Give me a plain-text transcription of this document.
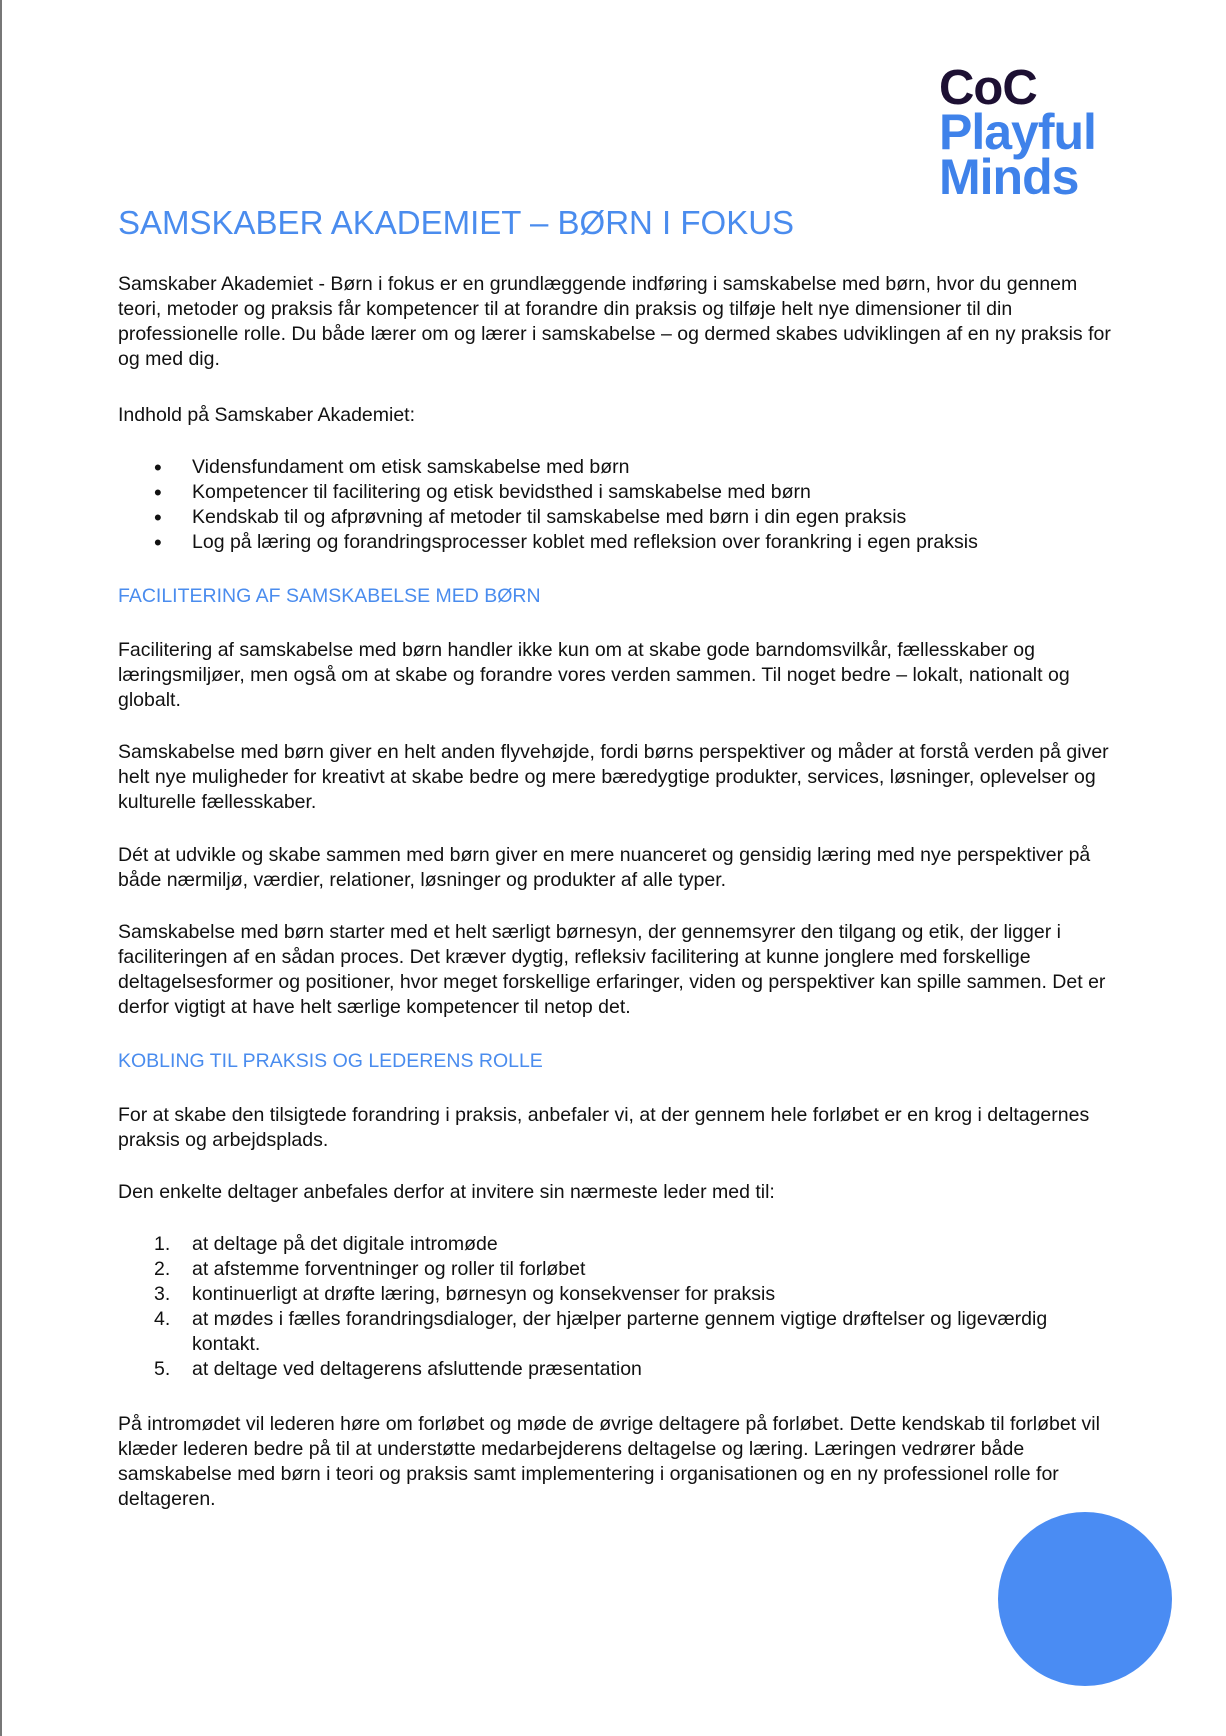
CoC
Playful
Minds
SAMSKABER AKADEMIET – BØRN I FOKUS

Samskaber Akademiet - Børn i fokus er en grundlæggende indføring i samskabelse med børn, hvor du gennem teori, metoder og praksis får kompetencer til at forandre din praksis og tilføje helt nye dimensioner til din professionelle rolle. Du både lærer om og lærer i samskabelse – og dermed skabes udviklingen af en ny praksis for og med dig.

Indhold på Samskaber Akademiet:

• Vidensfundament om etisk samskabelse med børn
• Kompetencer til facilitering og etisk bevidsthed i samskabelse med børn
• Kendskab til og afprøvning af metoder til samskabelse med børn i din egen praksis
• Log på læring og forandringsprocesser koblet med refleksion over forankring i egen praksis
FACILITERING AF SAMSKABELSE MED BØRN

Facilitering af samskabelse med børn handler ikke kun om at skabe gode barndomsvilkår, fællesskaber og læringsmiljøer, men også om at skabe og forandre vores verden sammen. Til noget bedre – lokalt, nationalt og globalt.

Samskabelse med børn giver en helt anden flyvehøjde, fordi børns perspektiver og måder at forstå verden på giver helt nye muligheder for kreativt at skabe bedre og mere bæredygtige produkter, services, løsninger, oplevelser og kulturelle fællesskaber.

Dét at udvikle og skabe sammen med børn giver en mere nuanceret og gensidig læring med nye perspektiver på både nærmiljø, værdier, relationer, løsninger og produkter af alle typer.

Samskabelse med børn starter med et helt særligt børnesyn, der gennemsyrer den tilgang og etik, der ligger i faciliteringen af en sådan proces. Det kræver dygtig, refleksiv facilitering at kunne jonglere med forskellige deltagelsesformer og positioner, hvor meget forskellige erfaringer, viden og perspektiver kan spille sammen. Det er derfor vigtigt at have helt særlige kompetencer til netop det.

KOBLING TIL PRAKSIS OG LEDERENS ROLLE

For at skabe den tilsigtede forandring i praksis, anbefaler vi, at der gennem hele forløbet er en krog i deltagernes praksis og arbejdsplads.

Den enkelte deltager anbefales derfor at invitere sin nærmeste leder med til:

1. at deltage på det digitale intromøde
2. at afstemme forventninger og roller til forløbet
3. kontinuerligt at drøfte læring, børnesyn og konsekvenser for praksis
4. at mødes i fælles forandringsdialoger, der hjælper parterne gennem vigtige drøftelser og ligeværdig kontakt.
5. at deltage ved deltagerens afsluttende præsentation

På intromødet vil lederen høre om forløbet og møde de øvrige deltagere på forløbet. Dette kendskab til forløbet vil klæder lederen bedre på til at understøtte medarbejderens deltagelse og læring. Læringen vedrører både samskabelse med børn i teori og praksis samt implementering i organisationen og en ny professionel rolle for deltageren.
